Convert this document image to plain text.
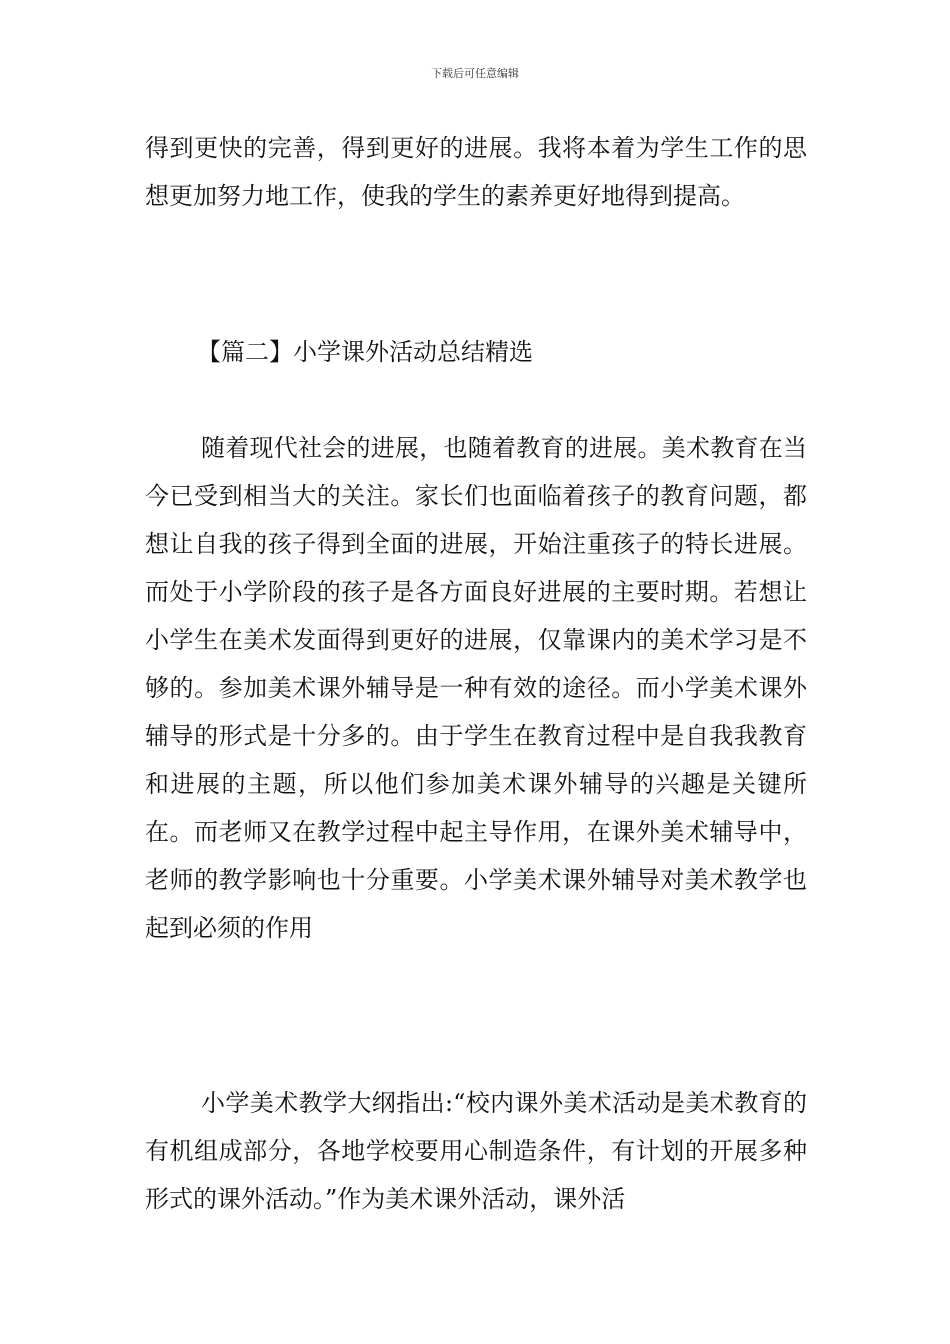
下载后可任意编辑

得到更快的完善，得到更好的进展。我将本着为学生工作的思想更加努力地工作，使我的学生的素养更好地得到提高。

【篇二】小学课外活动总结精选

随着现代社会的进展，也随着教育的进展。美术教育在当今已受到相当大的关注。家长们也面临着孩子的教育问题，都想让自我的孩子得到全面的进展，开始注重孩子的特长进展。而处于小学阶段的孩子是各方面良好进展的主要时期。若想让小学生在美术发面得到更好的进展，仅靠课内的美术学习是不够的。参加美术课外辅导是一种有效的途径。而小学美术课外辅导的形式是十分多的。由于学生在教育过程中是自我我教育和进展的主题，所以他们参加美术课外辅导的兴趣是关键所在。而老师又在教学过程中起主导作用，在课外美术辅导中，老师的教学影响也十分重要。小学美术课外辅导对美术教学也起到必须的作用

小学美术教学大纲指出:“校内课外美术活动是美术教育的有机组成部分，各地学校要用心制造条件，有计划的开展多种形式的课外活动。”作为美术课外活动，课外活
